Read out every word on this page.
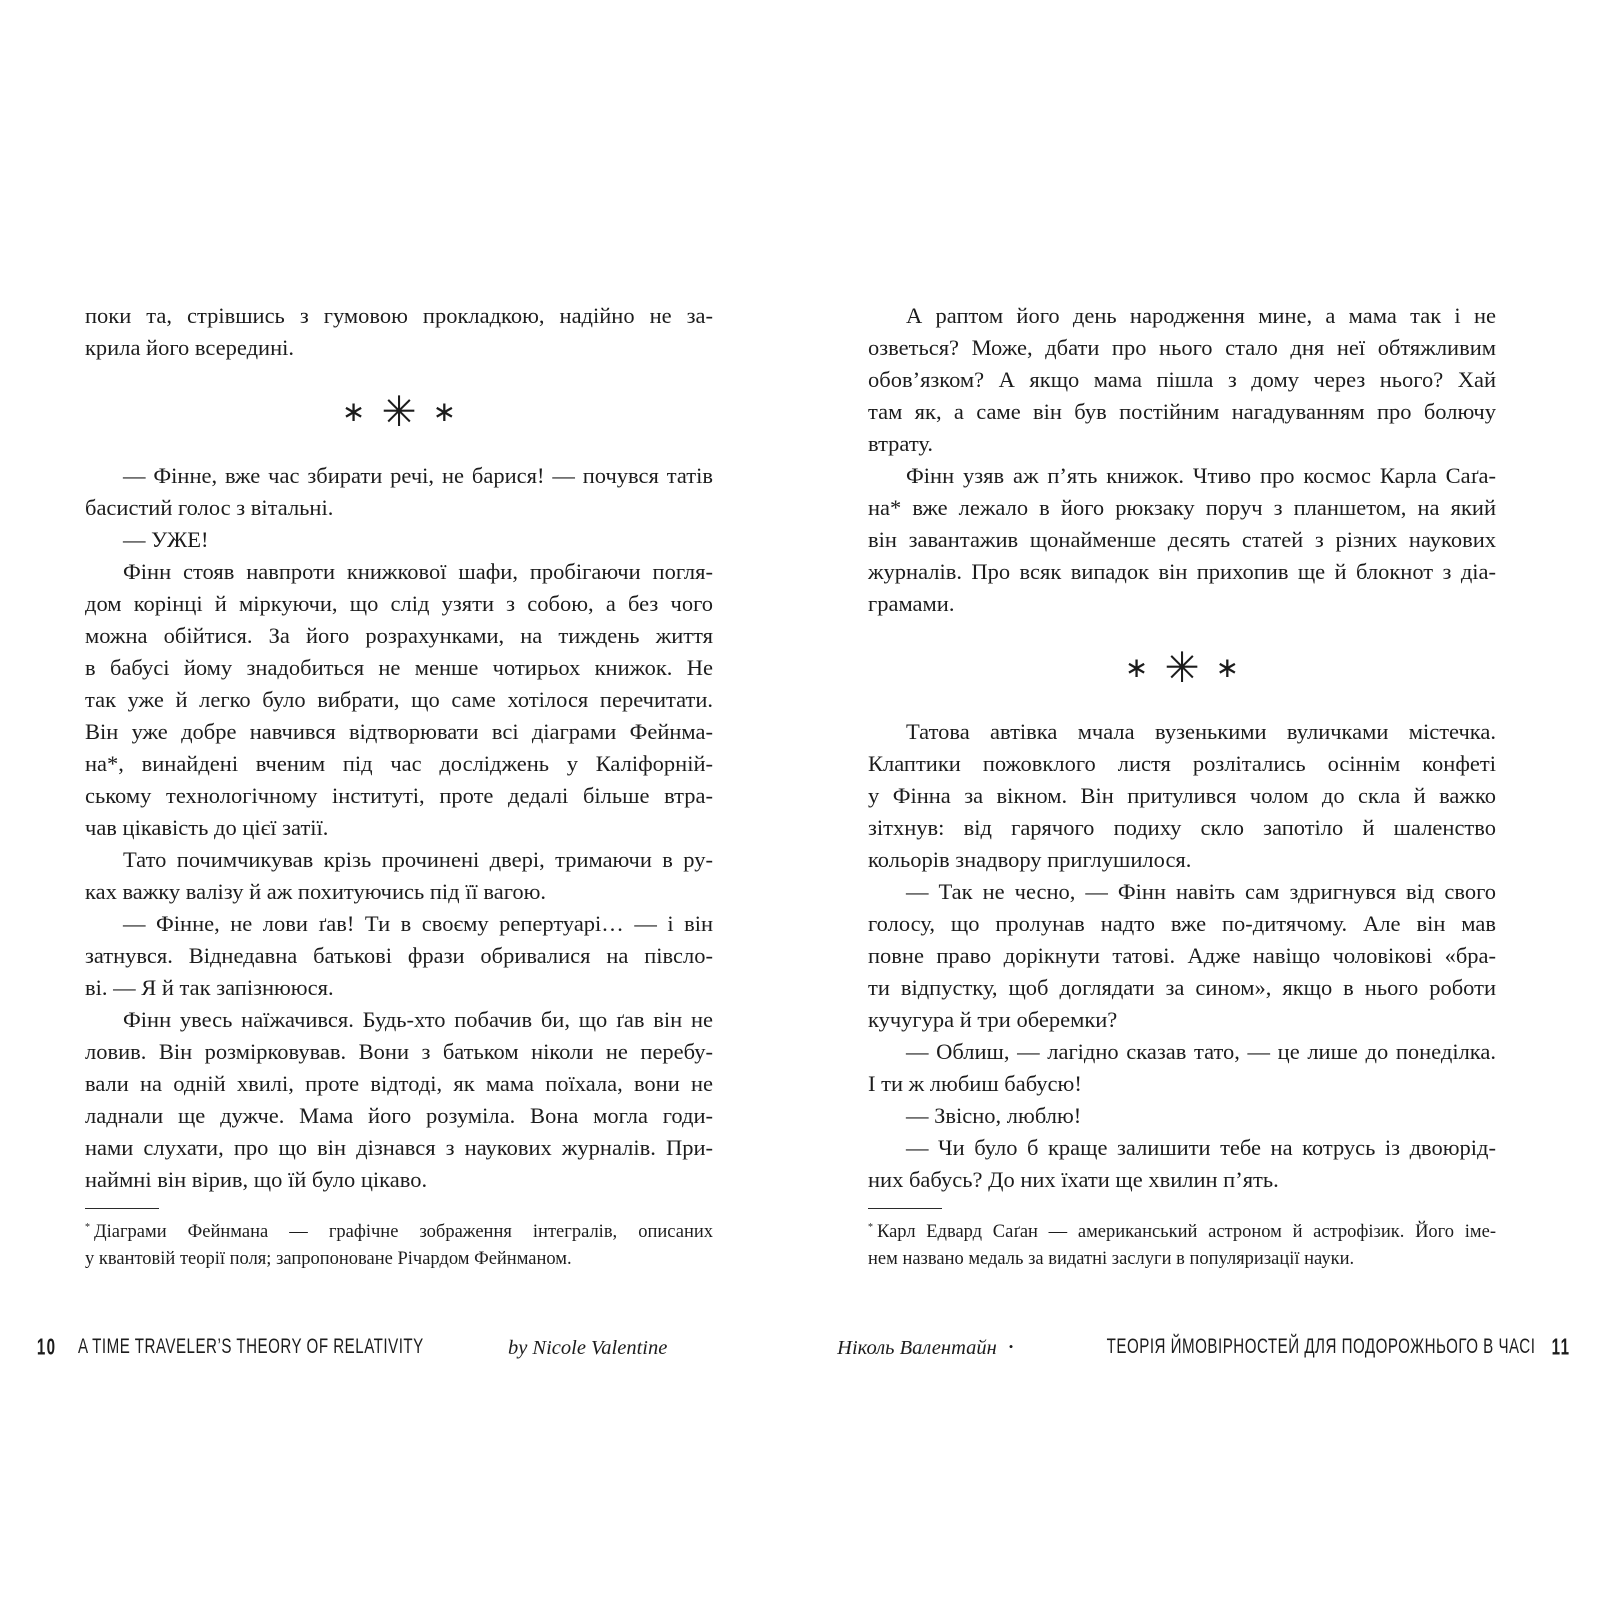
поки та, стрівшись з гумовою прокладкою, надійно не за-
крила його всередині.
∗ ✳ ∗
— Фінне, вже час збирати речі, не барися! — почувся татів
басистий голос з вітальні.
— УЖЕ!
Фінн стояв навпроти книжкової шафи, пробігаючи погля-
дом корінці й міркуючи, що слід узяти з собою, а без чого
можна обійтися. За його розрахунками, на тиждень життя
в бабусі йому знадобиться не менше чотирьох книжок. Не
так уже й легко було вибрати, що саме хотілося перечитати.
Він уже добре навчився відтворювати всі діаграми Фейнма-
на*, винайдені вченим під час досліджень у Каліфорній-
ському технологічному інституті, проте дедалі більше втра-
чав цікавість до цієї затії.
Тато почимчикував крізь прочинені двері, тримаючи в ру-
ках важку валізу й аж похитуючись під її вагою.
— Фінне, не лови ґав! Ти в своєму репертуарі… — і він
затнувся. Віднедавна батькові фрази обривалися на півсло-
ві. — Я й так запізнююся.
Фінн увесь наїжачився. Будь-хто побачив би, що ґав він не
ловив. Він розмірковував. Вони з батьком ніколи не перебу-
вали на одній хвилі, проте відтоді, як мама поїхала, вони не
ладнали ще дужче. Мама його розуміла. Вона могла годи-
нами слухати, про що він дізнався з наукових журналів. При-
наймні він вірив, що їй було цікаво.
А раптом його день народження мине, а мама так і не
озветься? Може, дбати про нього стало дня неї обтяжливим
обов’язком? А якщо мама пішла з дому через нього? Хай
там як, а саме він був постійним нагадуванням про болючу
втрату.
Фінн узяв аж п’ять книжок. Чтиво про космос Карла Саґа-
на* вже лежало в його рюкзаку поруч з планшетом, на який
він завантажив щонайменше десять статей з різних наукових
журналів. Про всяк випадок він прихопив ще й блокнот з діа-
грамами.
∗ ✳ ∗
Татова автівка мчала вузенькими вуличками містечка.
Клаптики пожовклого листя розлітались осіннім конфеті
у Фінна за вікном. Він притулився чолом до скла й важко
зітхнув: від гарячого подиху скло запотіло й шаленство
кольорів знадвору приглушилося.
— Так не чесно, — Фінн навіть сам здригнувся від свого
голосу, що пролунав надто вже по-дитячому. Але він мав
повне право дорікнути татові. Адже навіщо чоловікові «бра-
ти відпустку, щоб доглядати за сином», якщо в нього роботи
кучугура й три оберемки?
— Облиш, — лагідно сказав тато, — це лише до понеділка.
І ти ж любиш бабусю!
— Звісно, люблю!
— Чи було б краще залишити тебе на котрусь із двоюрід-
них бабусь? До них їхати ще хвилин п’ять.
* Діаграми Фейнмана — графічне зображення інтегралів, описаних
у квантовій теорії поля; запропоноване Річардом Фейнманом.
* Карл Едвард Саґан — американський астроном й астрофізик. Його іме-
нем названо медаль за видатні заслуги в популяризації науки.
10 A TIME TRAVELER’S THEORY OF RELATIVITY	by Nicole Valentine	Ніколь Валентайн •	ТЕОРІЯ ЙМОВІРНОСТЕЙ ДЛЯ ПОДОРОЖНЬОГО В ЧАСІ 11
